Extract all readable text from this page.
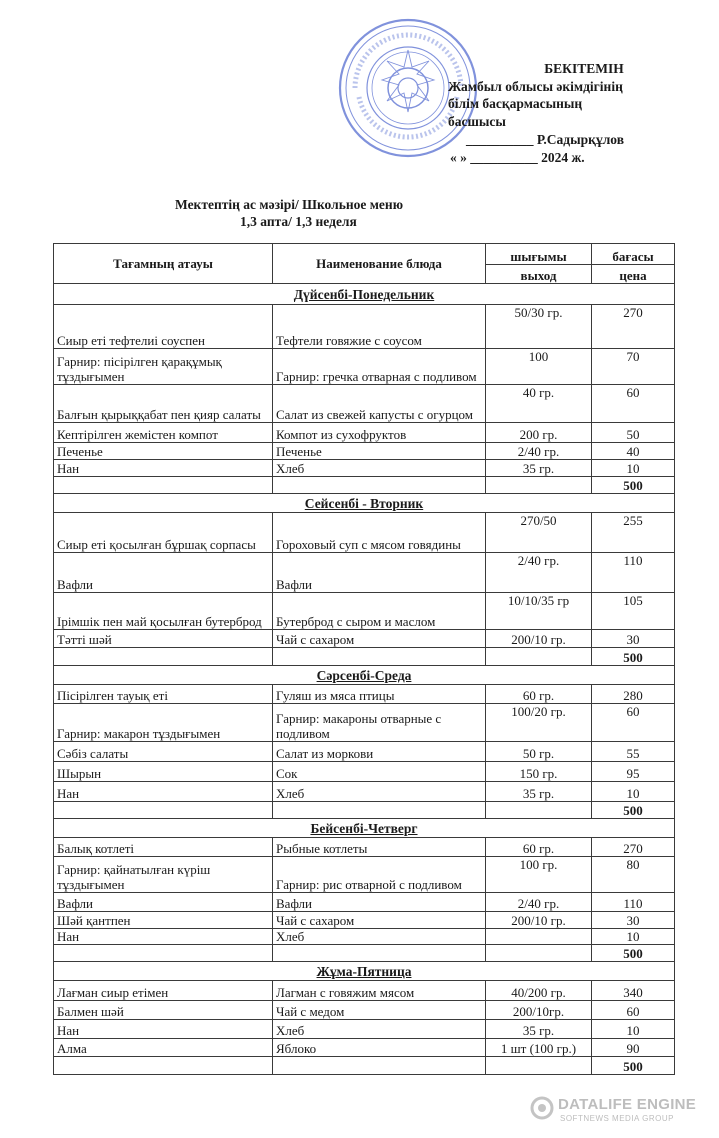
БЕКІТЕМІН
Жамбыл облысы әкімдігінің
білім басқармасының
басшысы
__________ Р.Садырқұлов
« » __________ 2024 ж.
Мектептің ас мәзірі/ Школьное меню
1,3 апта/ 1,3 неделя
Тағамның атауы	Наименование блюда	шығымы	бағасы
		выход	цена
Дүйсенбі-Понедельник			
Сиыр еті тефтелиі соуспен	Тефтели говяжие с соусом	50/30 гр.	270
Гарнир: пісірілген қарақұмық тұздығымен	Гарнир: гречка отварная с подливом	100	70
Балғын қырыққабат пен қияр салаты	Салат из свежей капусты с огурцом	40 гр.	60
Кептірілген жемістен компот	Компот из сухофруктов	200 гр.	50
Печенье	Печенье	2/40 гр.	40
Нан	Хлеб	35 гр.	10
			500
Сейсенбі - Вторник			
Сиыр еті қосылған бұршақ сорпасы	Гороховый суп с мясом говядины	270/50	255
Вафли	Вафли	2/40 гр.	110
Ірімшік пен май қосылған бутерброд	Бутерброд с сыром и маслом	10/10/35 гр	105
Тәтті шәй	Чай с сахаром	200/10 гр.	30
			500
Сәрсенбі-Среда			
Пісірілген тауық еті	Гуляш из мяса птицы	60 гр.	280
Гарнир: макарон тұздығымен	Гарнир: макароны отварные с подливом	100/20 гр.	60
Сәбіз салаты	Салат из моркови	50 гр.	55
Шырын	Сок	150 гр.	95
Нан	Хлеб	35 гр.	10
			500
Бейсенбі-Четверг			
Балық котлеті	Рыбные котлеты	60 гр.	270
Гарнир: қайнатылған күріш тұздығымен	Гарнир: рис отварной с подливом	100 гр.	80
Вафли	Вафли	2/40 гр.	110
Шәй қантпен	Чай с сахаром	200/10 гр.	30
Нан	Хлеб		10
			500
Жұма-Пятница			
Лағман сиыр етімен	Лагман с говяжим мясом	40/200 гр.	340
Балмен шәй	Чай с медом	200/10гр.	60
Нан	Хлеб	35 гр.	10
Алма	Яблоко	1 шт (100 гр.)	90
			500
DATALIFE ENGINE
SOFTNEWS MEDIA GROUP
